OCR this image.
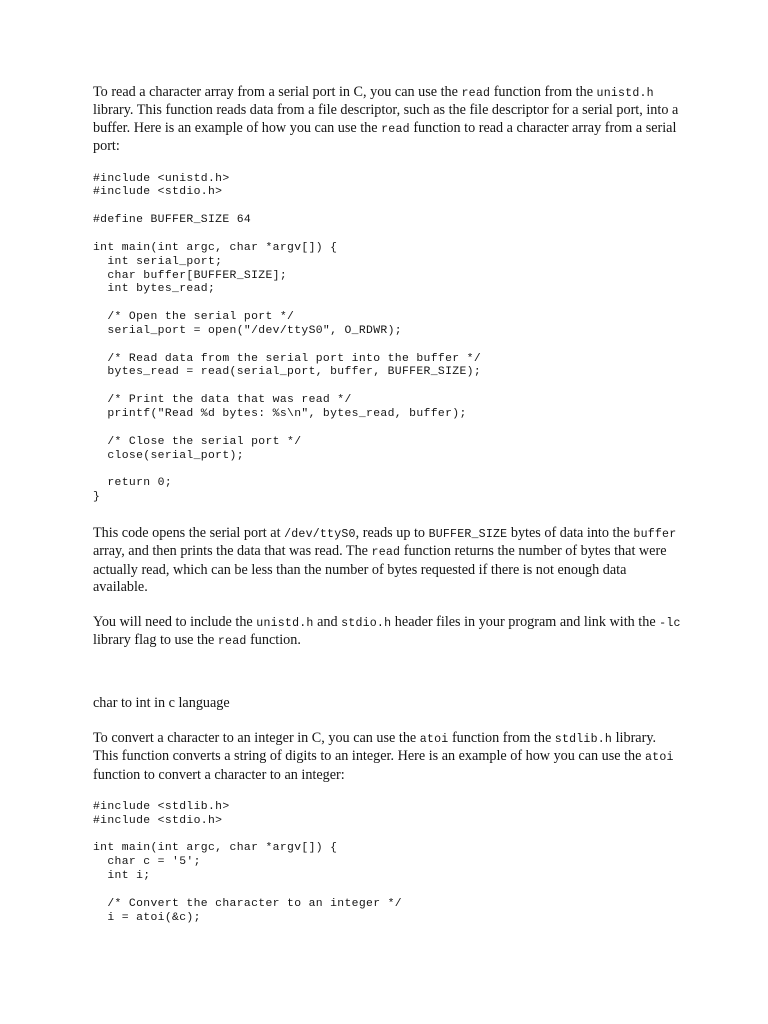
To read a character array from a serial port in C, you can use the read function from the unistd.h library. This function reads data from a file descriptor, such as the file descriptor for a serial port, into a buffer. Here is an example of how you can use the read function to read a character array from a serial port:

#include <unistd.h>
#include <stdio.h>
#define BUFFER_SIZE 64
int main(int argc, char *argv[]) {
int serial_port;
char buffer[BUFFER_SIZE];
int bytes_read;
/* Open the serial port */
serial_port = open("/dev/ttyS0", O_RDWR);
/* Read data from the serial port into the buffer */
bytes_read = read(serial_port, buffer, BUFFER_SIZE);
/* Print the data that was read */
printf("Read %d bytes: %s\n", bytes_read, buffer);
/* Close the serial port */
close(serial_port);
return 0;
}

This code opens the serial port at /dev/ttyS0, reads up to BUFFER_SIZE bytes of data into the buffer array, and then prints the data that was read. The read function returns the number of bytes that were actually read, which can be less than the number of bytes requested if there is not enough data available.

You will need to include the unistd.h and stdio.h header files in your program and link with the -lc library flag to use the read function.

char to int in c language

To convert a character to an integer in C, you can use the atoi function from the stdlib.h library. This function converts a string of digits to an integer. Here is an example of how you can use the atoi function to convert a character to an integer:

#include <stdlib.h>
#include <stdio.h>
int main(int argc, char *argv[]) {
char c = '5';
int i;
/* Convert the character to an integer */
i = atoi(&c);
